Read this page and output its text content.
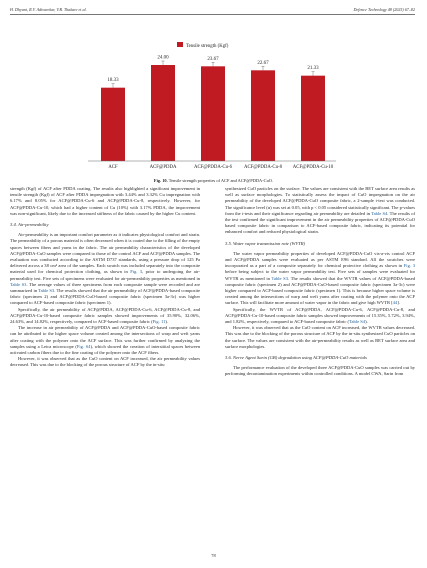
H. Dhyani, R.V. Adivarekar, V.B. Thakare et al.	Defence Technology 48 (2025) 67–82
Tensile strength (Kgf)
18.33
24.00	23.67
22.67
21.33
ACF	ACF@PDDA	ACF@PDDA-Cu-6 ACF@PDDA-Cu-8 ACF@PDDA-Cu-10
Fig. 10. Tensile strength properties of ACF and ACF@PDDA-CuO.

strength (Kgf) of ACF after PDDA coating. The results also highlighted a significant improvement in tensile strength (Kgf) of ACF after PDDA impregnation with 3.44% and 3.32% Cu impregnation with 6.17% and 8.05% for ACF@PDDA-Cu-6 and ACF@PDDA-Cu-8, respectively. However, for ACF@PDDA-Cu-10, which had a higher content of Cu (10%) with 3.17% PDDA, the improvement was non-significant, likely due to the increased stiffness of the fabric caused by the higher Cu content.

3.4. Air-permeability

Air-permeability is an important comfort parameter as it indicates physiological comfort and strain. The permeability of a porous material is often decreased when it is coated due to the filling of the empty spaces between fibers and yarns in the fabric. The air permeability characteristics of the developed ACF@PDDA-CuO samples were compared to those of the control ACF and ACF@PDDA samples. The evaluation was conducted according to the ASTM D737 standards, using a pressure drop of 125 Pa delivered across a 38 cm² area of the samples. Each swatch was included separately into the composite material used for chemical protection clothing, as shown in Fig. 3, prior to undergoing the air-permeability test. Five sets of specimens were evaluated for air-permeability properties as mentioned in Table S3. The average values of three specimens from each composite sample were recorded and are summarized in Table S3. The results showed that the air permeability of ACF@PDDA-based composite fabric (specimen 2) and ACF@PDDA-CuO-based composite fabric (specimen 3a-3c) was higher compared to ACF-based composite fabric (specimen 1).

Specifically, the air permeability of ACF@PDDA, ACF@PDDA-Cu-6, ACF@PDDA-Cu-8, and ACF@PDDA-Cu-10-based composite fabric samples showed improvements of 35.90%, 32.06%, 24.63%, and 14.82%, respectively, compared to ACF-based composite fabric (Fig. 11).

The increase in air permeability of ACF@PDDA and ACF@PDDA-CuO-based composite fabric can be attributed to the higher space volume created among the intersections of warp and weft yarns after coating with the polymer onto the ACF surface. This was further confirmed by analyzing the samples using a Leica microscope (Fig. S4), which showed the creation of interstitial spaces between activated carbon fibers due to the fine coating of the polymer onto the ACF fibers.

However, it was observed that as the CuO content on ACF increased, the air permeability values decreased. This was due to the blocking of the porous structure of ACF by the in-situ

synthesized CuO particles on the surface. The values are consistent with the BET surface area results as well as surface morphologies. To statistically assess the impact of CuO impregnation on the air permeability of the developed ACF@PDDA-CuO composite fabric, a 2-sample t-test was conducted. The significance level (α) was set at 0.05, with p < 0.05 considered statistically significant. The p-values from the t-tests and their significance regarding air permeability are detailed in Table S4. The results of the test confirmed the significant improvement in the air permeability properties of ACF@PDDA-CuO based composite fabric in comparison to ACF-based composite fabric, indicating its potential for enhanced comfort and reduced physiological strain.

3.5. Water vapor transmission rate (WVTR)

The water vapor permeability properties of developed ACF@PDDA-CuO vis-a-vis control ACF and ACF@PDDA samples were evaluated as per ASTM E96 standard. All the swatches were incorporated as a part of a composite separately for chemical protective clothing as shown in Fig. 3 before being subject to the water vapor permeability test. Five sets of samples were evaluated for WVTR as mentioned in Table S3. The results showed that the WVTR values of ACF@PDDA-based composite fabric (specimen 2) and ACF@PDDA-CuO-based composite fabric (specimen 3a-3c) were higher compared to ACF-based composite fabric (specimen 1). This is because higher space volume is created among the intersections of warp and weft yarns after coating with the polymer onto the ACF surface. This will facilitate more amount of water vapor in the fabric and give high WVTR [44].

Specifically, the WVTR of ACF@PDDA, ACF@PDDA-Cu-6, ACF@PDDA-Cu-8, and ACF@PDDA-Cu-10-based composite fabric samples showed improvements of 15.35%, 5.72%, 3.94%, and 1.82%, respectively, compared to ACF-based composite fabric (Table S4).

However, it was observed that as the CuO content on ACF increased, the WVTR values decreased. This was due to the blocking of the porous structure of ACF by the in-situ synthesized CuO particles on the surface. The values are consistent with the air-permeability results as well as BET surface area and surface morphologies.

3.6. Nerve Agent Sarin (GB) degradation using ACF@PDDA-CuO materials

The performance evaluation of the developed three ACF@PDDA-CuO samples was carried out by performing decontamination experiments within controlled conditions. A model CWA, Sarin from

78
